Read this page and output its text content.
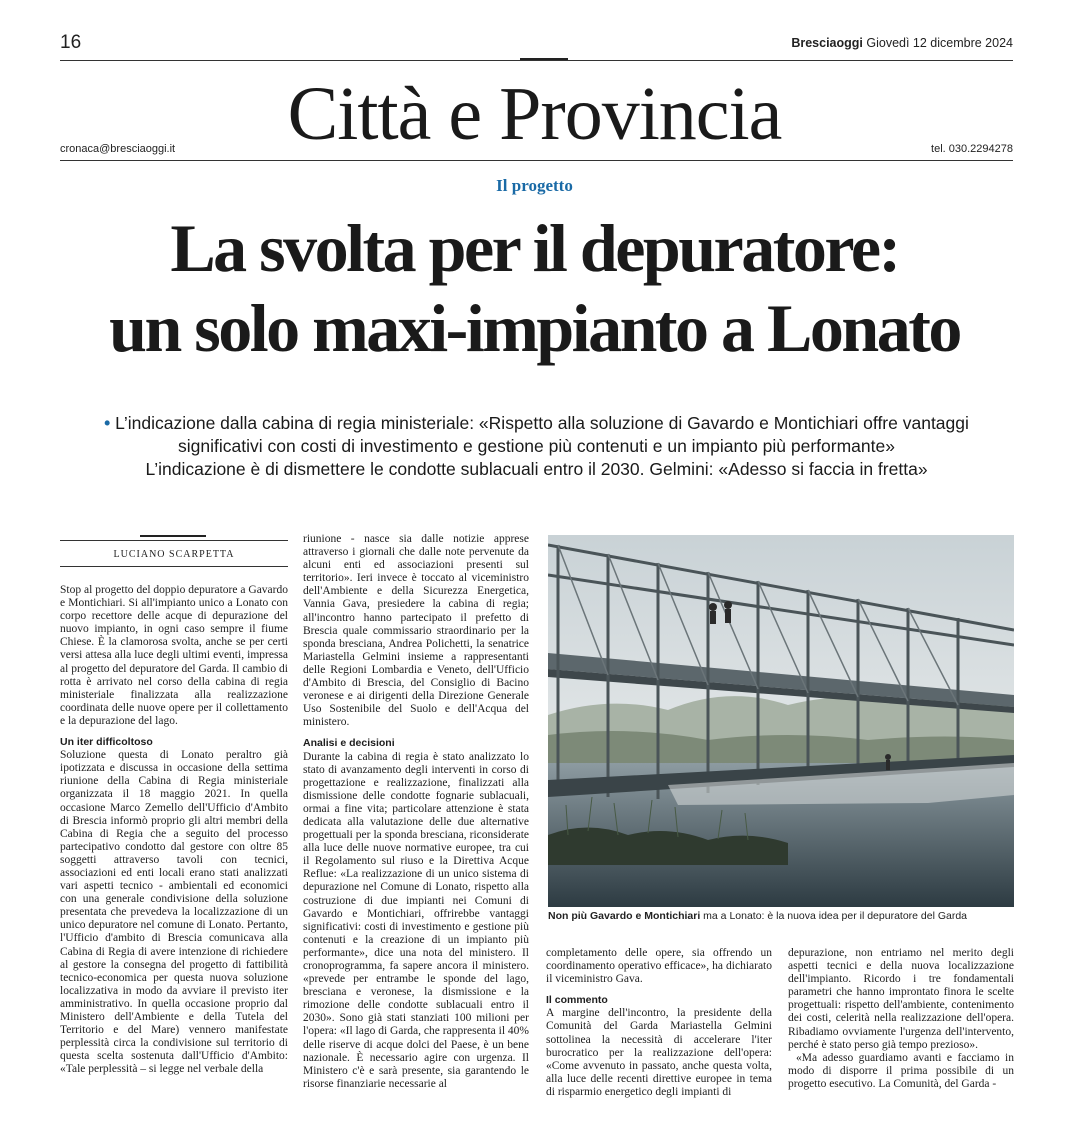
16	Bresciaoggi Giovedì 12 dicembre 2024
Città e Provincia
cronaca@bresciaoggi.it	tel. 030.2294278
Il progetto
La svolta per il depuratore:
un solo maxi-impianto a Lonato
• L’indicazione dalla cabina di regia ministeriale: «Rispetto alla soluzione di Gavardo e Montichiari offre vantaggi
significativi con costi di investimento e gestione più contenuti e un impianto più performante»
L’indicazione è di dismettere le condotte sublacuali entro il 2030. Gelmini: «Adesso si faccia in fretta»
LUCIANO SCARPETTA

Stop al progetto del doppio depuratore a Gavardo e Montichiari. Si all'impianto unico a Lonato con corpo recettore delle acque di depurazione del nuovo impianto, in ogni caso sempre il fiume Chiese. È la clamorosa svolta, anche se per certi versi attesa alla luce degli ultimi eventi, impressa al progetto del depuratore del Garda. Il cambio di rotta è arrivato nel corso della cabina di regia ministeriale finalizzata alla realizzazione coordinata delle nuove opere per il collettamento e la depurazione del lago.

Un iter difficoltoso

Soluzione questa di Lonato peraltro già ipotizzata e discussa in occasione della settima riunione della Cabina di Regia ministeriale organizzata il 18 maggio 2021. In quella occasione Marco Zemello dell'Ufficio d'Ambito di Brescia informò proprio gli altri membri della Cabina di Regia che a seguito del processo partecipativo condotto dal gestore con oltre 85 soggetti attraverso tavoli con tecnici, associazioni ed enti locali erano stati analizzati vari aspetti tecnico - ambientali ed economici con una generale condivisione della soluzione presentata che prevedeva la localizzazione di un unico depuratore nel comune di Lonato. Pertanto, l'Ufficio d'ambito di Brescia comunicava alla Cabina di Regia di avere intenzione di richiedere al gestore la consegna del progetto di fattibilità tecnico-economica per questa nuova soluzione localizzativa in modo da avviare il previsto iter amministrativo. In quella occasione proprio dal Ministero dell'Ambiente e della Tutela del Territorio e del Mare) vennero manifestate perplessità circa la condivisione sul territorio di questa scelta sostenuta dall'Ufficio d'Ambito: «Tale perplessità – si legge nel verbale della

riunione - nasce sia dalle notizie apprese attraverso i giornali che dalle note pervenute da alcuni enti ed associazioni presenti sul territorio». Ieri invece è toccato al viceministro dell'Ambiente e della Sicurezza Energetica, Vannia Gava, presiedere la cabina di regia; all'incontro hanno partecipato il prefetto di Brescia quale commissario straordinario per la sponda bresciana, Andrea Polichetti, la senatrice Mariastella Gelmini insieme a rappresentanti delle Regioni Lombardia e Veneto, dell'Ufficio d'Ambito di Brescia, del Consiglio di Bacino veronese e ai dirigenti della Direzione Generale Uso Sostenibile del Suolo e dell'Acqua del ministero.

Analisi e decisioni

Durante la cabina di regia è stato analizzato lo stato di avanzamento degli interventi in corso di progettazione e realizzazione, finalizzati alla dismissione delle condotte fognarie sublacuali, ormai a fine vita; particolare attenzione è stata dedicata alla valutazione delle due alternative progettuali per la sponda bresciana, riconsiderate alla luce delle nuove normative europee, tra cui il Regolamento sul riuso e la Direttiva Acque Reflue: «La realizzazione di un unico sistema di depurazione nel Comune di Lonato, rispetto alla costruzione di due impianti nei Comuni di Gavardo e Montichiari, offrirebbe vantaggi significativi: costi di investimento e gestione più contenuti e la creazione di un impianto più performante», dice una nota del ministero. Il cronoprogramma, fa sapere ancora il ministero. «prevede per entrambe le sponde del lago, bresciana e veronese, la dismissione e la rimozione delle condotte sublacuali entro il 2030». Sono già stati stanziati 100 milioni per l'opera: «Il lago di Garda, che rappresenta il 40% delle riserve di acque dolci del Paese, è un bene nazionale. È necessario agire con urgenza. Il Ministero c'è e sarà presente, sia garantendo le risorse finanziarie necessarie al

Non più Gavardo e Montichiari ma a Lonato: è la nuova idea per il depuratore del Garda

completamento delle opere, sia offrendo un coordinamento operativo efficace», ha dichiarato il viceministro Gava.

Il commento

A margine dell'incontro, la presidente della Comunità del Garda Mariastella Gelmini sottolinea la necessità di accelerare l'iter burocratico per la realizzazione dell'opera: «Come avvenuto in passato, anche questa volta, alla luce delle recenti direttive europee in tema di risparmio energetico degli impianti di

depurazione, non entriamo nel merito degli aspetti tecnici e della nuova localizzazione dell'impianto. Ricordo i tre fondamentali parametri che hanno improntato finora le scelte progettuali: rispetto dell'ambiente, contenimento dei costi, celerità nella realizzazione dell'opera. Ribadiamo ovviamente l'urgenza dell'intervento, perché è stato perso già tempo prezioso».

«Ma adesso guardiamo avanti e facciamo in modo di disporre il prima possibile di un progetto esecutivo. La Comunità, del Garda -
